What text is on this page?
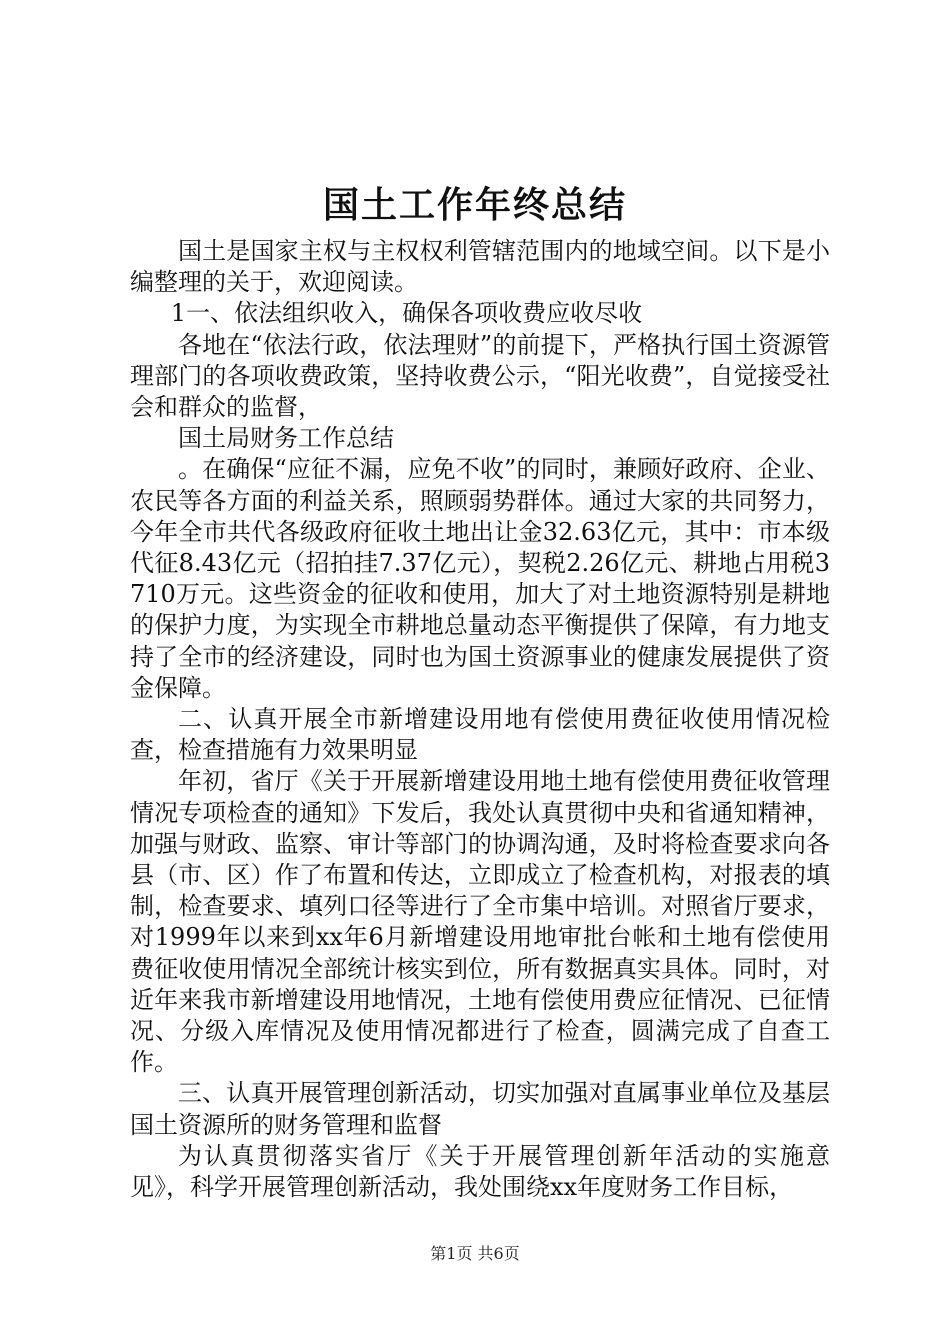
国土工作年终总结

国土是国家主权与主权权利管辖范围内的地域空间。以下是小编整理的关于，欢迎阅读。

1一、依法组织收入，确保各项收费应收尽收

各地在“依法行政，依法理财”的前提下，严格执行国土资源管理部门的各项收费政策，坚持收费公示，“阳光收费”，自觉接受社会和群众的监督，

国土局财务工作总结

。在确保“应征不漏，应免不收”的同时，兼顾好政府、企业、农民等各方面的利益关系，照顾弱势群体。通过大家的共同努力，今年全市共代各级政府征收土地出让金32.63亿元，其中：市本级代征8.43亿元（招拍挂7.37亿元），契税2.26亿元、耕地占用税3710万元。这些资金的征收和使用，加大了对土地资源特别是耕地的保护力度，为实现全市耕地总量动态平衡提供了保障，有力地支持了全市的经济建设，同时也为国土资源事业的健康发展提供了资金保障。

二、认真开展全市新增建设用地有偿使用费征收使用情况检查，检查措施有力效果明显

年初，省厅《关于开展新增建设用地土地有偿使用费征收管理情况专项检查的通知》下发后，我处认真贯彻中央和省通知精神，加强与财政、监察、审计等部门的协调沟通，及时将检查要求向各县（市、区）作了布置和传达，立即成立了检查机构，对报表的填制，检查要求、填列口径等进行了全市集中培训。对照省厅要求，对1999年以来到xx年6月新增建设用地审批台帐和土地有偿使用费征收使用情况全部统计核实到位，所有数据真实具体。同时，对近年来我市新增建设用地情况，土地有偿使用费应征情况、已征情况、分级入库情况及使用情况都进行了检查，圆满完成了自查工作。

三、认真开展管理创新活动，切实加强对直属事业单位及基层国土资源所的财务管理和监督

为认真贯彻落实省厅《关于开展管理创新年活动的实施意见》，科学开展管理创新活动，我处围绕xx年度财务工作目标，

第1页 共6页
